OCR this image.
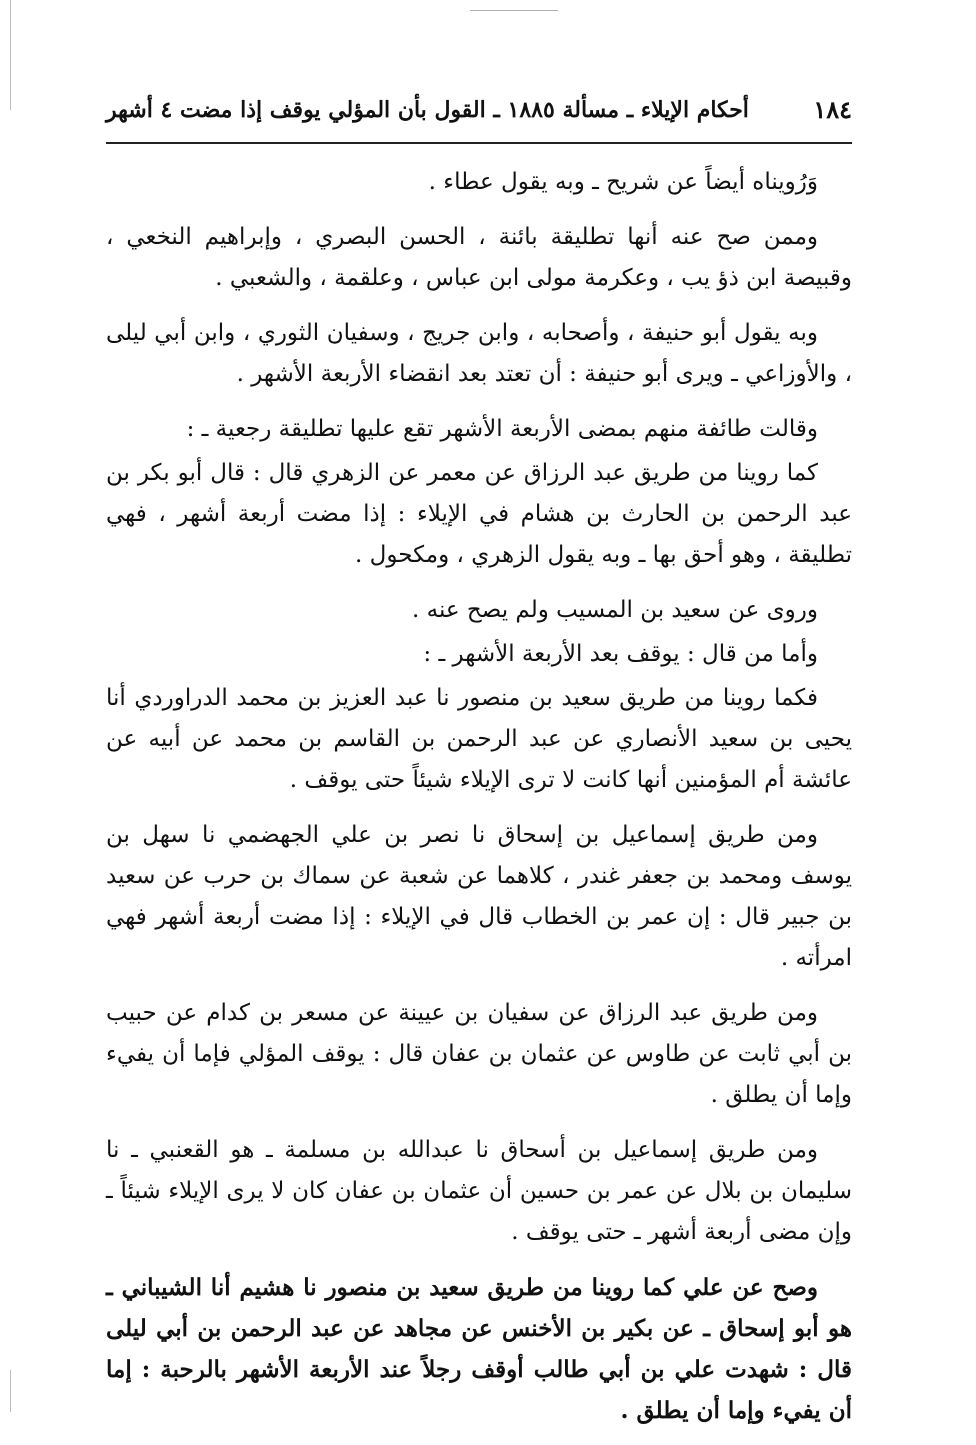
١٨٤
أحكام الإيلاء ـ مسألة ١٨٨٥ ـ القول بأن المؤلي يوقف إذا مضت ٤ أشهر

وَرُويناه أيضاً عن شريح ـ وبه يقول عطاء .

وممن صح عنه أنها تطليقة بائنة ، الحسن البصري ، وإبراهيم النخعي ، وقبيصة ابن ذؤ يب ، وعكرمة مولى ابن عباس ، وعلقمة ، والشعبي .

وبه يقول أبو حنيفة ، وأصحابه ، وابن جريج ، وسفيان الثوري ، وابن أبي ليلى ، والأوزاعي ـ ويرى أبو حنيفة : أن تعتد بعد انقضاء الأربعة الأشهر .

وقالت طائفة منهم بمضى الأربعة الأشهر تقع عليها تطليقة رجعية ـ :

كما روينا من طريق عبد الرزاق عن معمر عن الزهري قال : قال أبو بكر بن عبد الرحمن بن الحارث بن هشام في الإيلاء : إذا مضت أربعة أشهر ، فهي تطليقة ، وهو أحق بها ـ وبه يقول الزهري ، ومكحول .

وروى عن سعيد بن المسيب ولم يصح عنه .

وأما من قال : يوقف بعد الأربعة الأشهر ـ :

فكما روينا من طريق سعيد بن منصور نا عبد العزيز بن محمد الدراوردي أنا يحيى بن سعيد الأنصاري عن عبد الرحمن بن القاسم بن محمد عن أبيه عن عائشة أم المؤمنين أنها كانت لا ترى الإيلاء شيئاً حتى يوقف .

ومن طريق إسماعيل بن إسحاق نا نصر بن علي الجهضمي نا سهل بن يوسف ومحمد بن جعفر غندر ، كلاهما عن شعبة عن سماك بن حرب عن سعيد بن جبير قال : إن عمر بن الخطاب قال في الإيلاء : إذا مضت أربعة أشهر فهي امرأته .

ومن طريق عبد الرزاق عن سفيان بن عيينة عن مسعر بن كدام عن حبيب بن أبي ثابت عن طاوس عن عثمان بن عفان قال : يوقف المؤلي فإما أن يفيء وإما أن يطلق .

ومن طريق إسماعيل بن أسحاق نا عبدالله بن مسلمة ـ هو القعنبي ـ نا سليمان بن بلال عن عمر بن حسين أن عثمان بن عفان كان لا يرى الإيلاء شيئاً ـ وإن مضى أربعة أشهر ـ حتى يوقف .

وصح عن علي كما روينا من طريق سعيد بن منصور نا هشيم أنا الشيباني ـ هو أبو إسحاق ـ عن بكير بن الأخنس عن مجاهد عن عبد الرحمن بن أبي ليلى قال : شهدت علي بن أبي طالب أوقف رجلاً عند الأربعة الأشهر بالرحبة : إما أن يفيء وإما أن يطلق .
